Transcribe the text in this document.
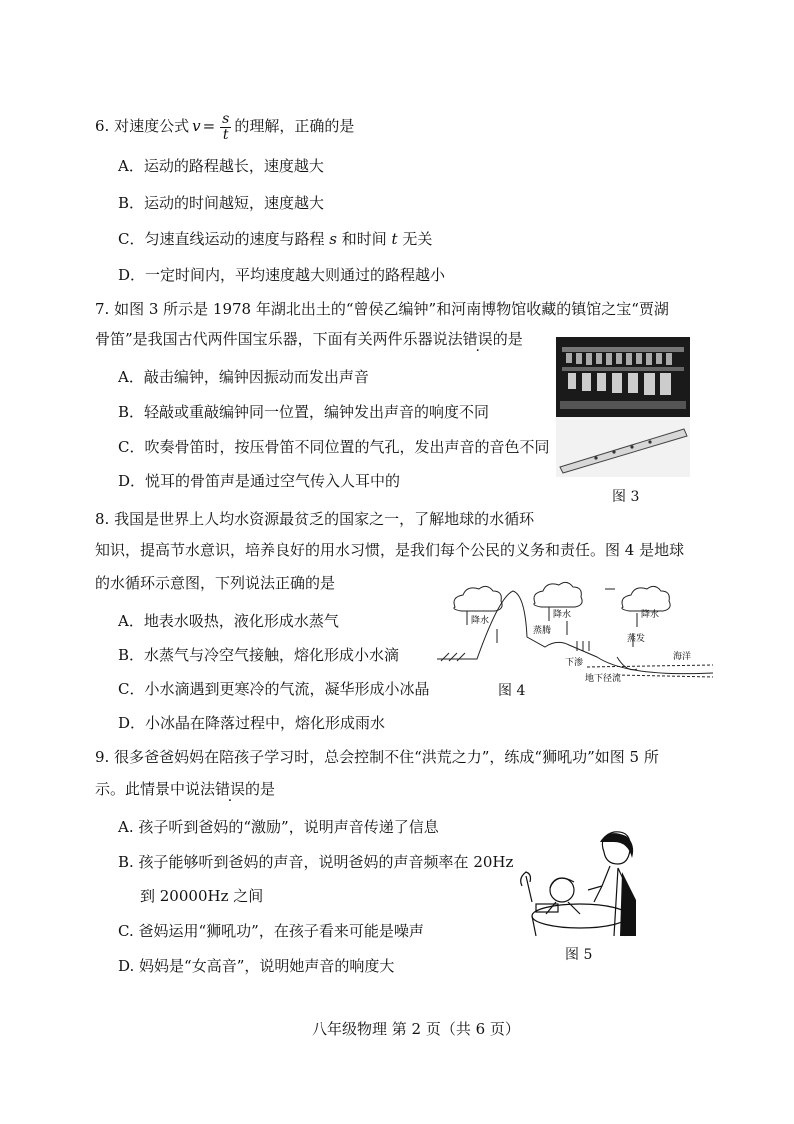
6. 对速度公式 $v = \frac{s}{t}$ 的理解，正确的是
A．运动的路程越长，速度越大
B．运动的时间越短，速度越大
C．匀速直线运动的速度与路程 s 和时间 t 无关
D．一定时间内，平均速度越大则通过的路程越小
7. 如图 3 所示是 1978 年湖北出土的“曾侯乙编钟”和河南博物馆收藏的镇馆之宝“贾湖
骨笛”是我国古代两件国宝乐器，下面有关两件乐器说法错误的是
A．敲击编钟，编钟因振动而发出声音
B．轻敲或重敲编钟同一位置，编钟发出声音的响度不同
C．吹奏骨笛时，按压骨笛不同位置的气孔，发出声音的音色不同
D．悦耳的骨笛声是通过空气传入人耳中的
图 3
8. 我国是世界上人均水资源最贫乏的国家之一，了解地球的水循环
知识，提高节水意识，培养良好的用水习惯，是我们每个公民的义务和责任。图 4 是地球
的水循环示意图，下列说法正确的是
A．地表水吸热，液化形成水蒸气
B．水蒸气与冷空气接触，熔化形成小水滴
C．小水滴遇到更寒冷的气流，凝华形成小冰晶
D．小冰晶在降落过程中，熔化形成雨水
降水
降水	降水
蒸腾
蒸发
下渗
地下径流
海洋
图 4
9. 很多爸爸妈妈在陪孩子学习时，总会控制不住“洪荒之力”，练成“狮吼功”如图 5 所
示。此情景中说法错误的是
A. 孩子听到爸妈的“激励”，说明声音传递了信息
B. 孩子能够听到爸妈的声音，说明爸妈的声音频率在 20Hz
到 20000Hz 之间
C. 爸妈运用“狮吼功”，在孩子看来可能是噪声
D. 妈妈是“女高音”，说明她声音的响度大
图 5
八年级物理 第 2 页（共 6 页）
